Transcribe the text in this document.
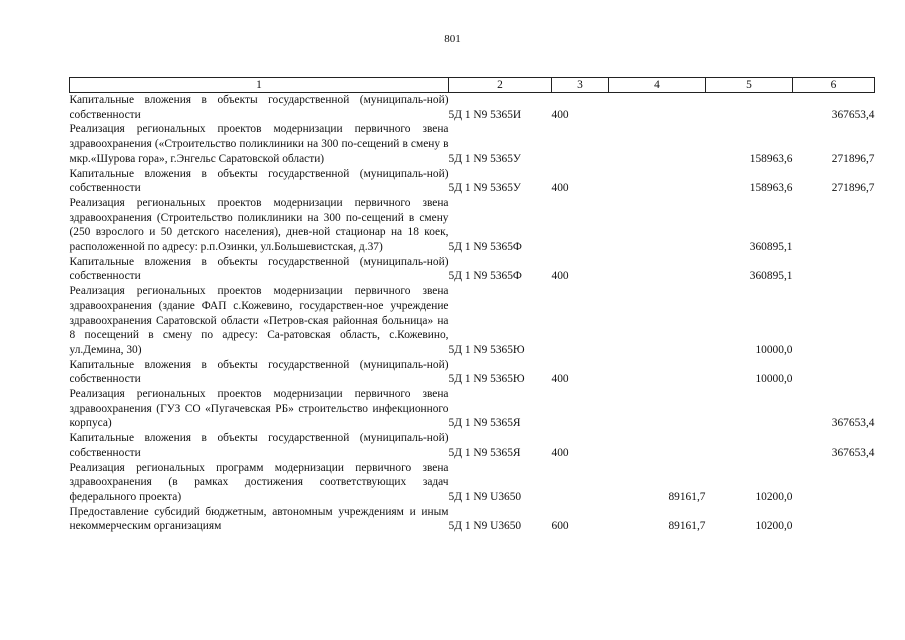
801
1	2	3	4	5	6
Капитальные вложения в объекты государственной (муниципаль-ной) собственности	5Д 1 N9 5365И	400			367653,4
Реализация региональных проектов модернизации первичного звена здравоохранения («Строительство поликлиники на 300 по-сещений в смену в мкр.«Шурова гора», г.Энгельс Саратовской области)	5Д 1 N9 5365У			158963,6	271896,7
Капитальные вложения в объекты государственной (муниципаль-ной) собственности	5Д 1 N9 5365У	400		158963,6	271896,7
Реализация региональных проектов модернизации первичного звена здравоохранения (Строительство поликлиники на 300 по-сещений в смену (250 взрослого и 50 детского населения), днев-ной стационар на 18 коек, расположенной по адресу: р.п.Озинки, ул.Большевистская, д.37)	5Д 1 N9 5365Ф			360895,1	
Капитальные вложения в объекты государственной (муниципаль-ной) собственности	5Д 1 N9 5365Ф	400		360895,1	
Реализация региональных проектов модернизации первичного звена здравоохранения (здание ФАП с.Кожевино, государствен-ное учреждение здравоохранения Саратовской области «Петров-ская районная больница» на 8 посещений в смену по адресу: Са-ратовская область, с.Кожевино, ул.Демина, 30)	5Д 1 N9 5365Ю			10000,0	
Капитальные вложения в объекты государственной (муниципаль-ной) собственности	5Д 1 N9 5365Ю	400		10000,0	
Реализация региональных проектов модернизации первичного звена здравоохранения (ГУЗ СО «Пугачевская РБ» строительство инфекционного корпуса)	5Д 1 N9 5365Я				367653,4
Капитальные вложения в объекты государственной (муниципаль-ной) собственности	5Д 1 N9 5365Я	400			367653,4
Реализация региональных программ модернизации первичного звена здравоохранения (в рамках достижения соответствующих задач федерального проекта)	5Д 1 N9 U3650		89161,7	10200,0	
Предоставление субсидий бюджетным, автономным учреждениям и иным некоммерческим организациям	5Д 1 N9 U3650	600	89161,7	10200,0	
